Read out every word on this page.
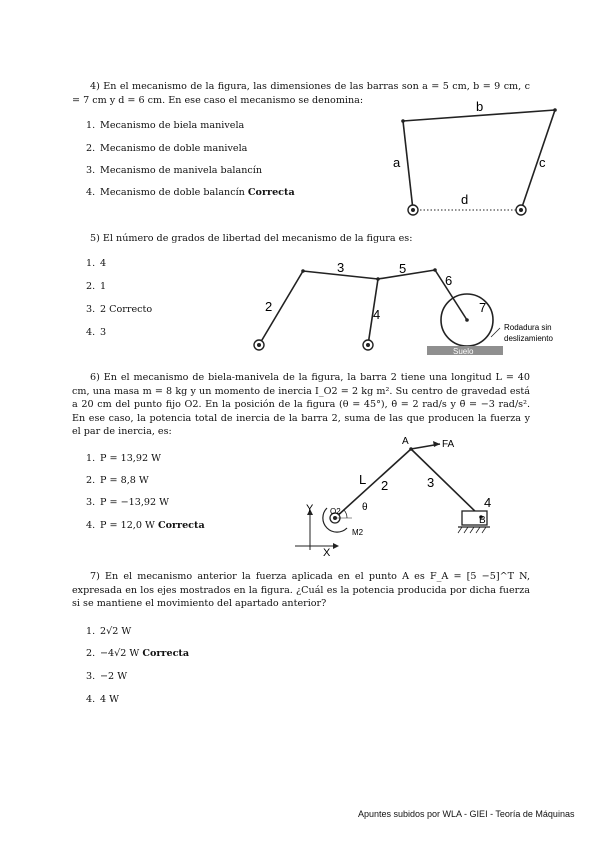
4) En el mecanismo de la figura, las dimensiones de las barras son a = 5 cm, b = 9 cm, c = 7 cm y d = 6 cm. En ese caso el mecanismo se denomina:
1. Mecanismo de biela manivela
2. Mecanismo de doble manivela
3. Mecanismo de manivela balancín
4. Mecanismo de doble balancín Correcta
a
b
c
d
5) El número de grados de libertad del mecanismo de la figura es:
1. 4
2. 1
3. 2 Correcto
4. 3
2
3
4
5
6
7
Rodadura sin
deslizamiento
Suelo
6) En el mecanismo de biela-manivela de la figura, la barra 2 tiene una longitud L = 40 cm, una masa m = 8 kg y un momento de inercia I_O2 = 2 kg m². Su centro de gravedad está a 20 cm del punto fijo O2. En la posición de la figura (θ = 45°), θ̇ = 2 rad/s y θ̈ = −3 rad/s². En ese caso, la potencia total de inercia de la barra 2, suma de las que producen la fuerza y el par de inercia, es:
1. P = 13,92 W
2. P = 8,8 W
3. P = −13,92 W
4. P = 12,0 W Correcta
A	FA
L 2	3
4
B
Y
X
O2 θ
M2
7) En el mecanismo anterior la fuerza aplicada en el punto A es F_A = [5 −5]^T N, expresada en los ejes mostrados en la figura. ¿Cuál es la potencia producida por dicha fuerza si se mantiene el movimiento del apartado anterior?
1. 2√2 W
2. −4√2 W Correcta
3. −2 W
4. 4 W
Apuntes subidos por WLA - GIEI - Teoría de Máquinas
